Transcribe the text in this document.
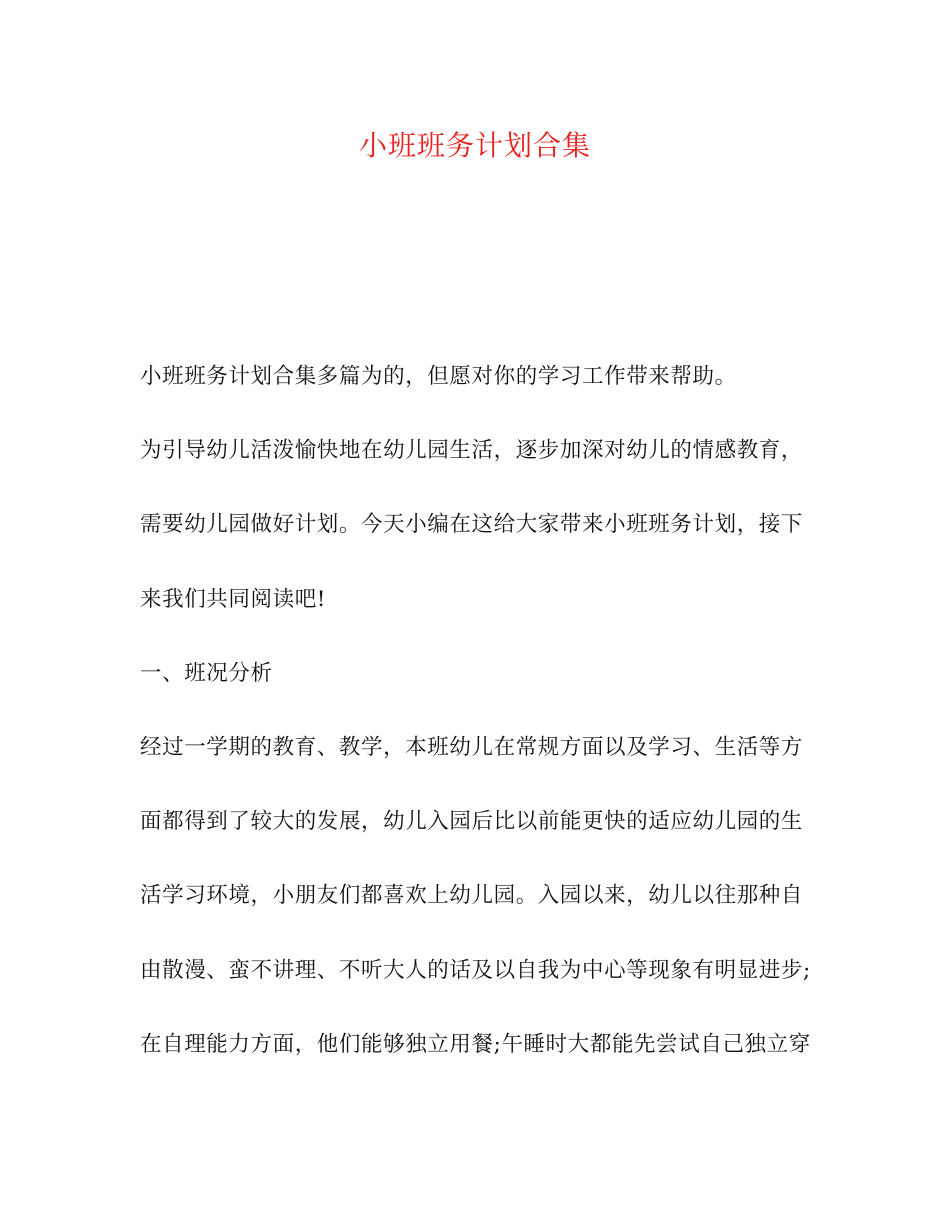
小班班务计划合集

小班班务计划合集多篇为的，但愿对你的学习工作带来帮助。

为引导幼儿活泼愉快地在幼儿园生活，逐步加深对幼儿的情感教育，

需要幼儿园做好计划。今天小编在这给大家带来小班班务计划，接下

来我们共同阅读吧!

一、班况分析

经过一学期的教育、教学，本班幼儿在常规方面以及学习、生活等方

面都得到了较大的发展，幼儿入园后比以前能更快的适应幼儿园的生

活学习环境，小朋友们都喜欢上幼儿园。入园以来，幼儿以往那种自

由散漫、蛮不讲理、不听大人的话及以自我为中心等现象有明显进步;

在自理能力方面，他们能够独立用餐;午睡时大都能先尝试自己独立穿
